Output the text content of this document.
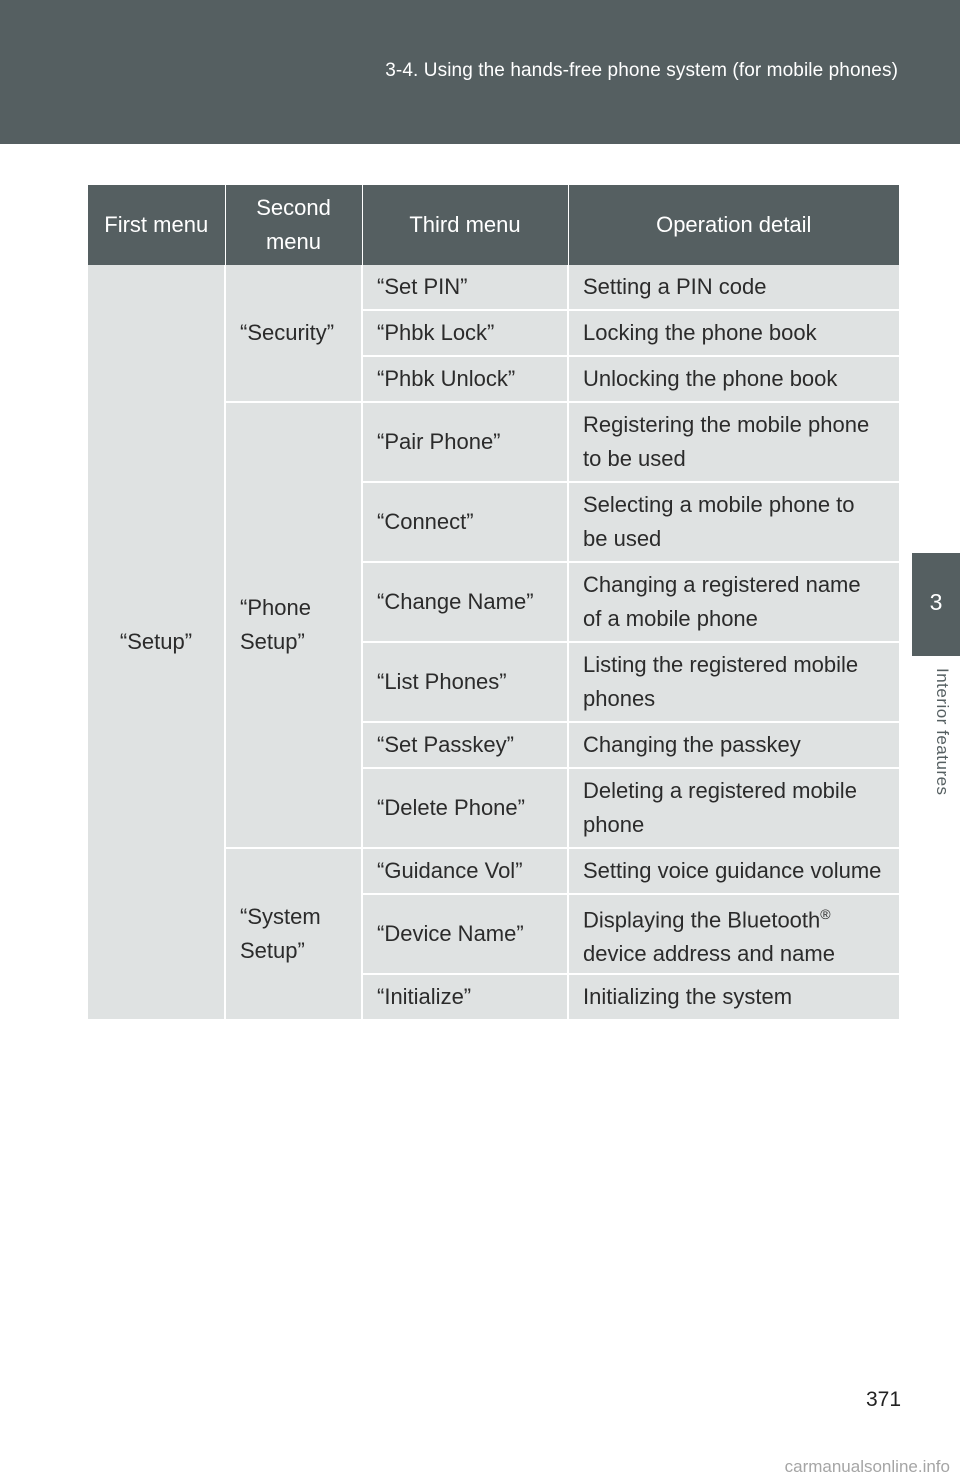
3-4. Using the hands-free phone system (for mobile phones)
3
Interior features
First menu	Second menu	Third menu	Operation detail
“Setup”	“Security”	“Set PIN”	Setting a PIN code
		“Phbk Lock”	Locking the phone book
		“Phbk Unlock”	Unlocking the phone book
	“Phone Setup”	“Pair Phone”	Registering the mobile phone to be used
		“Connect”	Selecting a mobile phone to be used
		“Change Name”	Changing a registered name of a mobile phone
		“List Phones”	Listing the registered mobile phones
		“Set Passkey”	Changing the passkey
		“Delete Phone”	Deleting a registered mobile phone
	“System Setup”	“Guidance Vol”	Setting voice guidance volume
		“Device Name”	Displaying the Bluetooth®
device address and name
		“Initialize”	Initializing the system
371
carmanualsonline.info
